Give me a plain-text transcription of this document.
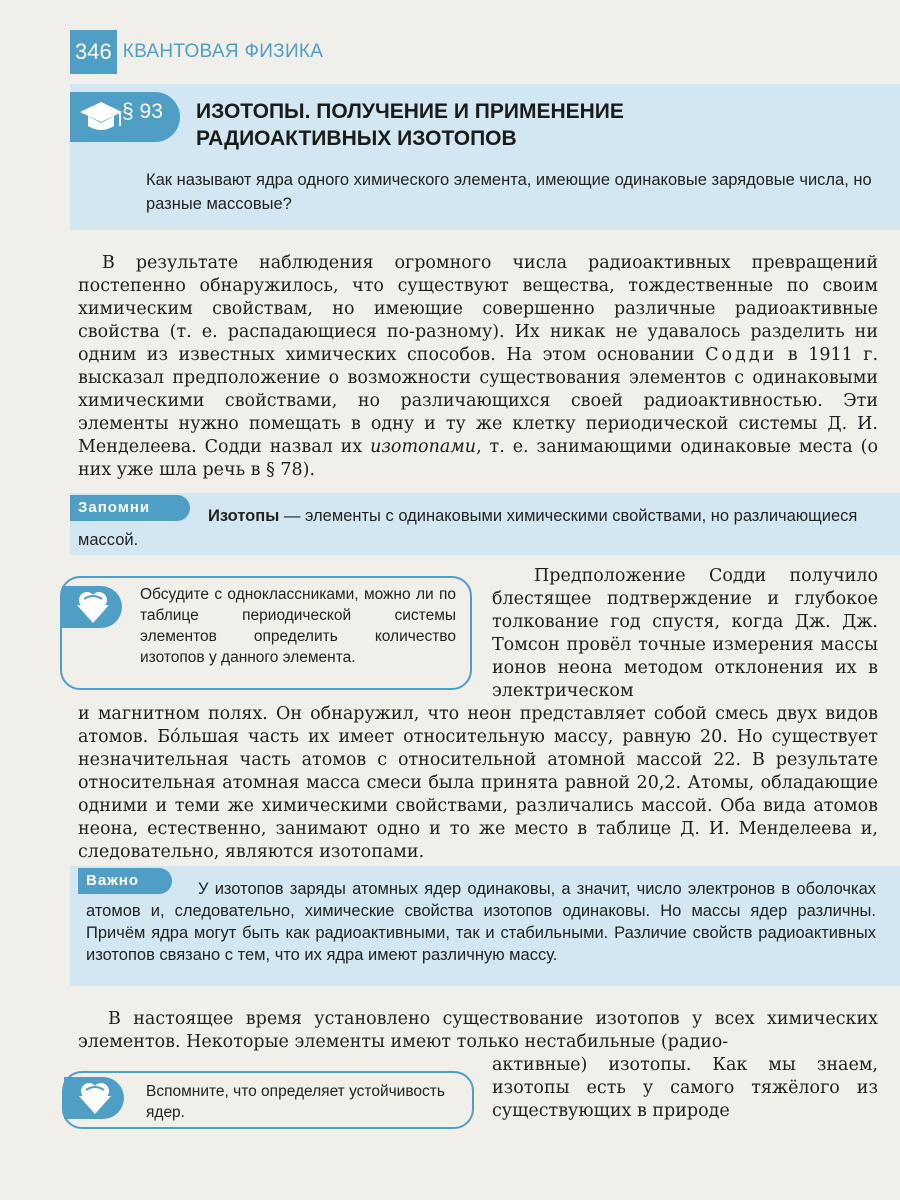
346 КВАНТОВАЯ ФИЗИКА
§ 93 ИЗОТОПЫ. ПОЛУЧЕНИЕ И ПРИМЕНЕНИЕ
РАДИОАКТИВНЫХ ИЗОТОПОВ
Как называют ядра одного химического элемента, имеющие одинаковые зарядовые числа, но разные массовые?
В результате наблюдения огромного числа радиоактивных превращений постепенно обнаружилось, что существуют вещества, тождественные по своим химическим свойствам, но имеющие совершенно различные радиоактивные свойства (т. е. распадающиеся по-разному). Их никак не удавалось разделить ни одним из известных химических способов. На этом основании Содди в 1911 г. высказал предположение о возможности существования элементов с одинаковыми химическими свойствами, но различающихся своей радиоактивностью. Эти элементы нужно помещать в одну и ту же клетку периодической системы Д. И. Менделеева. Содди назвал их изотопами, т. е. занимающими одинаковые места (о них уже шла речь в § 78).
Запомни	Изотопы — элементы с одинаковыми химическими свойствами, но различающиеся массой.
Обсудите с одноклассниками, можно ли по таблице периодической системы элементов определить количество изотопов у данного элемента.
Предположение Содди получило блестящее подтверждение и глубокое толкование год спустя, когда Дж. Дж. Томсон провёл точные измерения массы ионов неона методом отклонения их в электрическом
и магнитном полях. Он обнаружил, что неон представляет собой смесь двух видов атомов. Бо́льшая часть их имеет относительную массу, равную 20. Но существует незначительная часть атомов с относительной атомной массой 22. В результате относительная атомная масса смеси была принята равной 20,2. Атомы, обладающие одними и теми же химическими свойствами, различались массой. Оба вида атомов неона, естественно, занимают одно и то же место в таблице Д. И. Менделеева и, следовательно, являются изотопами.
Важно	У изотопов заряды атомных ядер одинаковы, а значит, число электронов в оболочках атомов и, следовательно, химические свойства изотопов одинаковы. Но массы ядер различны. Причём ядра могут быть как радиоактивными, так и стабильными. Различие свойств радиоактивных изотопов связано с тем, что их ядра имеют различную массу.
В настоящее время установлено существование изотопов у всех химических элементов. Некоторые элементы имеют только нестабильные (радио-
активные) изотопы. Как мы знаем, изотопы есть у самого тяжёлого из существующих в природе
Вспомните, что определяет устойчивость ядер.
